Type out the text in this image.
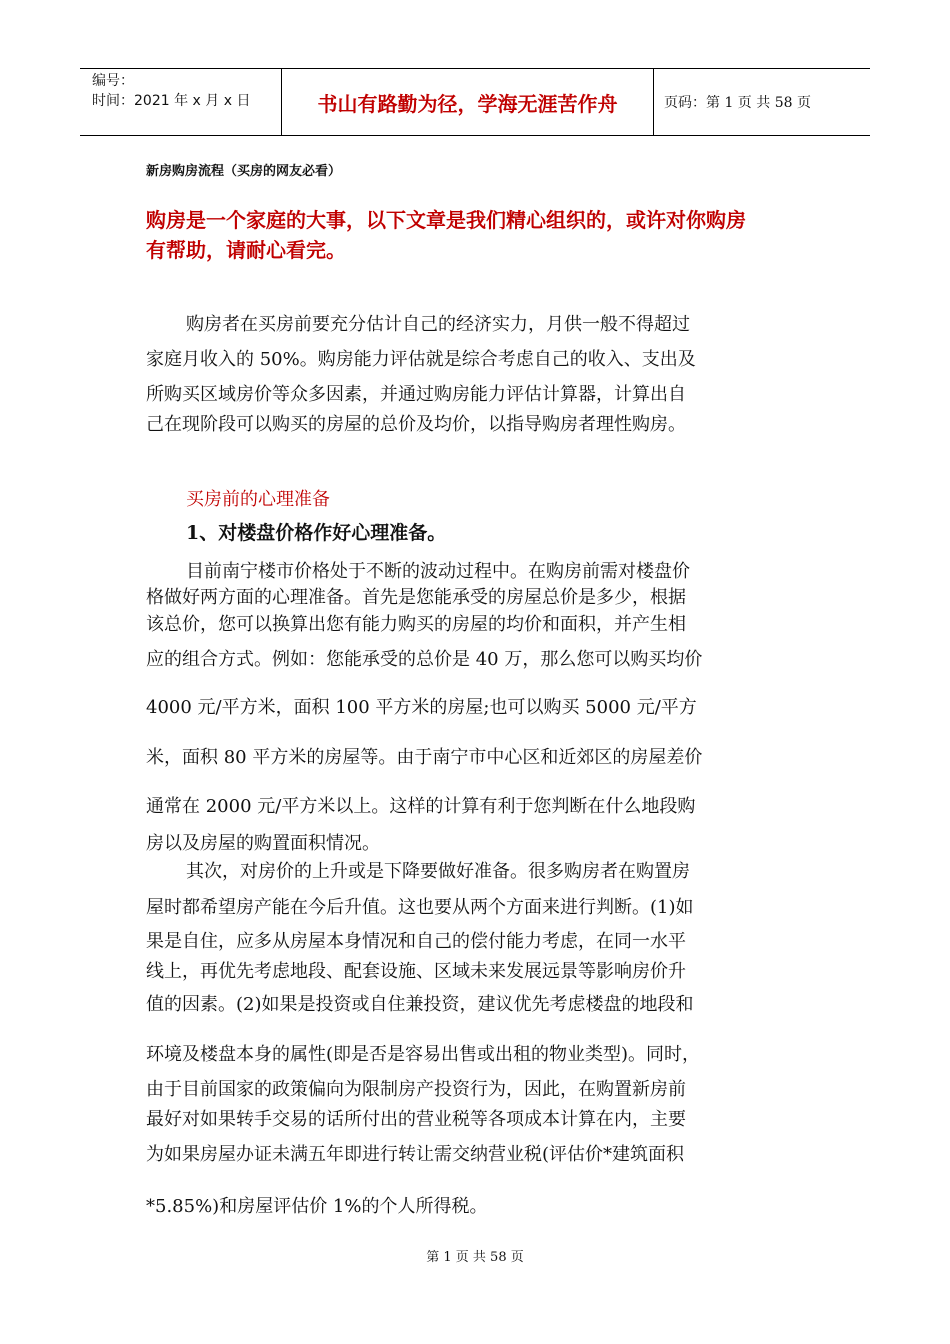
编号：
时间：2021 年 x 月 x 日	书山有路勤为径，学海无涯苦作舟	页码：第 1 页 共 58 页
新房购房流程（买房的网友必看）

购房是一个家庭的大事，以下文章是我们精心组织的，或许对你购房

有帮助，请耐心看完。

购房者在买房前要充分估计自己的经济实力，月供一般不得超过
家庭月收入的 50%。购房能力评估就是综合考虑自己的收入、支出及
所购买区域房价等众多因素，并通过购房能力评估计算器，计算出自
己在现阶段可以购买的房屋的总价及均价，以指导购房者理性购房。
买房前的心理准备
1、对楼盘价格作好心理准备。
目前南宁楼市价格处于不断的波动过程中。在购房前需对楼盘价
格做好两方面的心理准备。首先是您能承受的房屋总价是多少，根据
该总价，您可以换算出您有能力购买的房屋的均价和面积，并产生相
应的组合方式。例如：您能承受的总价是 40 万，那么您可以购买均价
4000 元/平方米，面积 100 平方米的房屋;也可以购买 5000 元/平方
米，面积 80 平方米的房屋等。由于南宁市中心区和近郊区的房屋差价
通常在 2000 元/平方米以上。这样的计算有利于您判断在什么地段购
房以及房屋的购置面积情况。
其次，对房价的上升或是下降要做好准备。很多购房者在购置房
屋时都希望房产能在今后升值。这也要从两个方面来进行判断。(1)如
果是自住，应多从房屋本身情况和自己的偿付能力考虑，在同一水平
线上，再优先考虑地段、配套设施、区域未来发展远景等影响房价升
值的因素。(2)如果是投资或自住兼投资，建议优先考虑楼盘的地段和
环境及楼盘本身的属性(即是否是容易出售或出租的物业类型)。同时，
由于目前国家的政策偏向为限制房产投资行为，因此，在购置新房前
最好对如果转手交易的话所付出的营业税等各项成本计算在内，主要
为如果房屋办证未满五年即进行转让需交纳营业税(评估价*建筑面积
*5.85%)和房屋评估价 1%的个人所得税。
第 1 页 共 58 页
